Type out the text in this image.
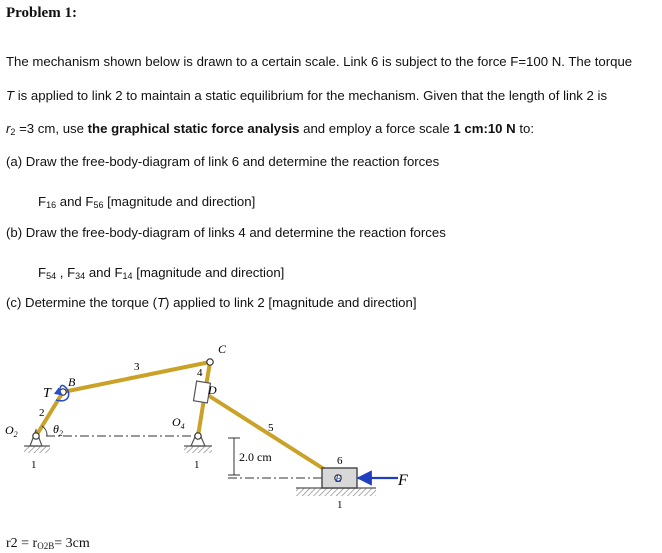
Problem 1:
The mechanism shown below is drawn to a certain scale. Link 6 is subject to the force F=100 N. The torque
T is applied to link 2 to maintain a static equilibrium for the mechanism. Given that the length of link 2 is
$r_2 =3$ cm, use the graphical static force analysis and employ a force scale 1 cm:10 N to:
(a) Draw the free-body-diagram of link 6 and determine the reaction forces
$F_{16}$ and $F_{56}$ [magnitude and direction]
(b) Draw the free-body-diagram of links 4 and determine the reaction forces
$F_{54}$ , $F_{34}$ and $F_{14}$ [magnitude and direction]
(c) Determine the torque (T) applied to link 2 [magnitude and direction]
C
B
D
E	F
T
$O_2$
$O_4$
$\theta_2$
1	1
1
2
3	4
5
6
2.0 cm
$r2 = r_{O2B}= 3cm$
